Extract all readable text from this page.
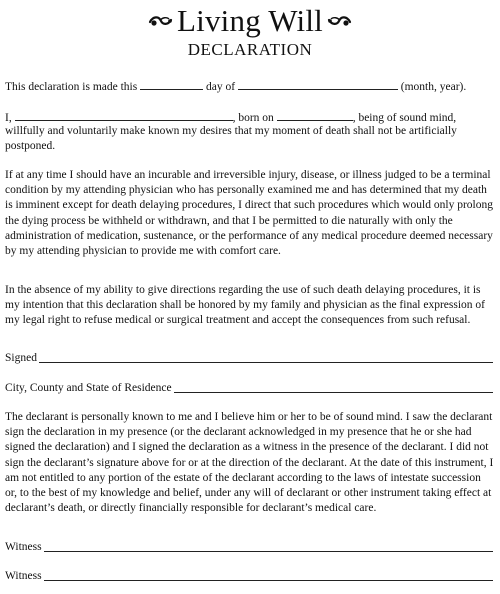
Living Will

DECLARATION

This declaration is made this	day of	(month, year).
I,	, born on	, being of sound mind,

willfully and voluntarily make known my desires that my moment of death shall not be artificially postponed.

If at any time I should have an incurable and irreversible injury, disease, or illness judged to be a terminal condition by my attending physician who has personally examined me and has determined that my death is imminent except for death delaying procedures, I direct that such procedures which would only prolong the dying process be withheld or withdrawn, and that I be permitted to die naturally with only the administration of medication, sustenance, or the performance of any medical procedure deemed necessary by my attending physician to provide me with comfort care.

In the absence of my ability to give directions regarding the use of such death delaying procedures, it is my intention that this declaration shall be honored by my family and physician as the final expression of my legal right to refuse medical or surgical treatment and accept the consequences from such refusal.

Signed
City, County and State of Residence

The declarant is personally known to me and I believe him or her to be of sound mind. I saw the declarant sign the declaration in my presence (or the declarant acknowledged in my presence that he or she had signed the declaration) and I signed the declaration as a witness in the presence of the declarant. I did not sign the declarant’s signature above for or at the direction of the declarant. At the date of this instrument, I am not entitled to any portion of the estate of the declarant according to the laws of intestate succession or, to the best of my knowledge and belief, under any will of declarant or other instrument taking effect at declarant’s death, or directly financially responsible for declarant’s medical care.

Witness
Witness
